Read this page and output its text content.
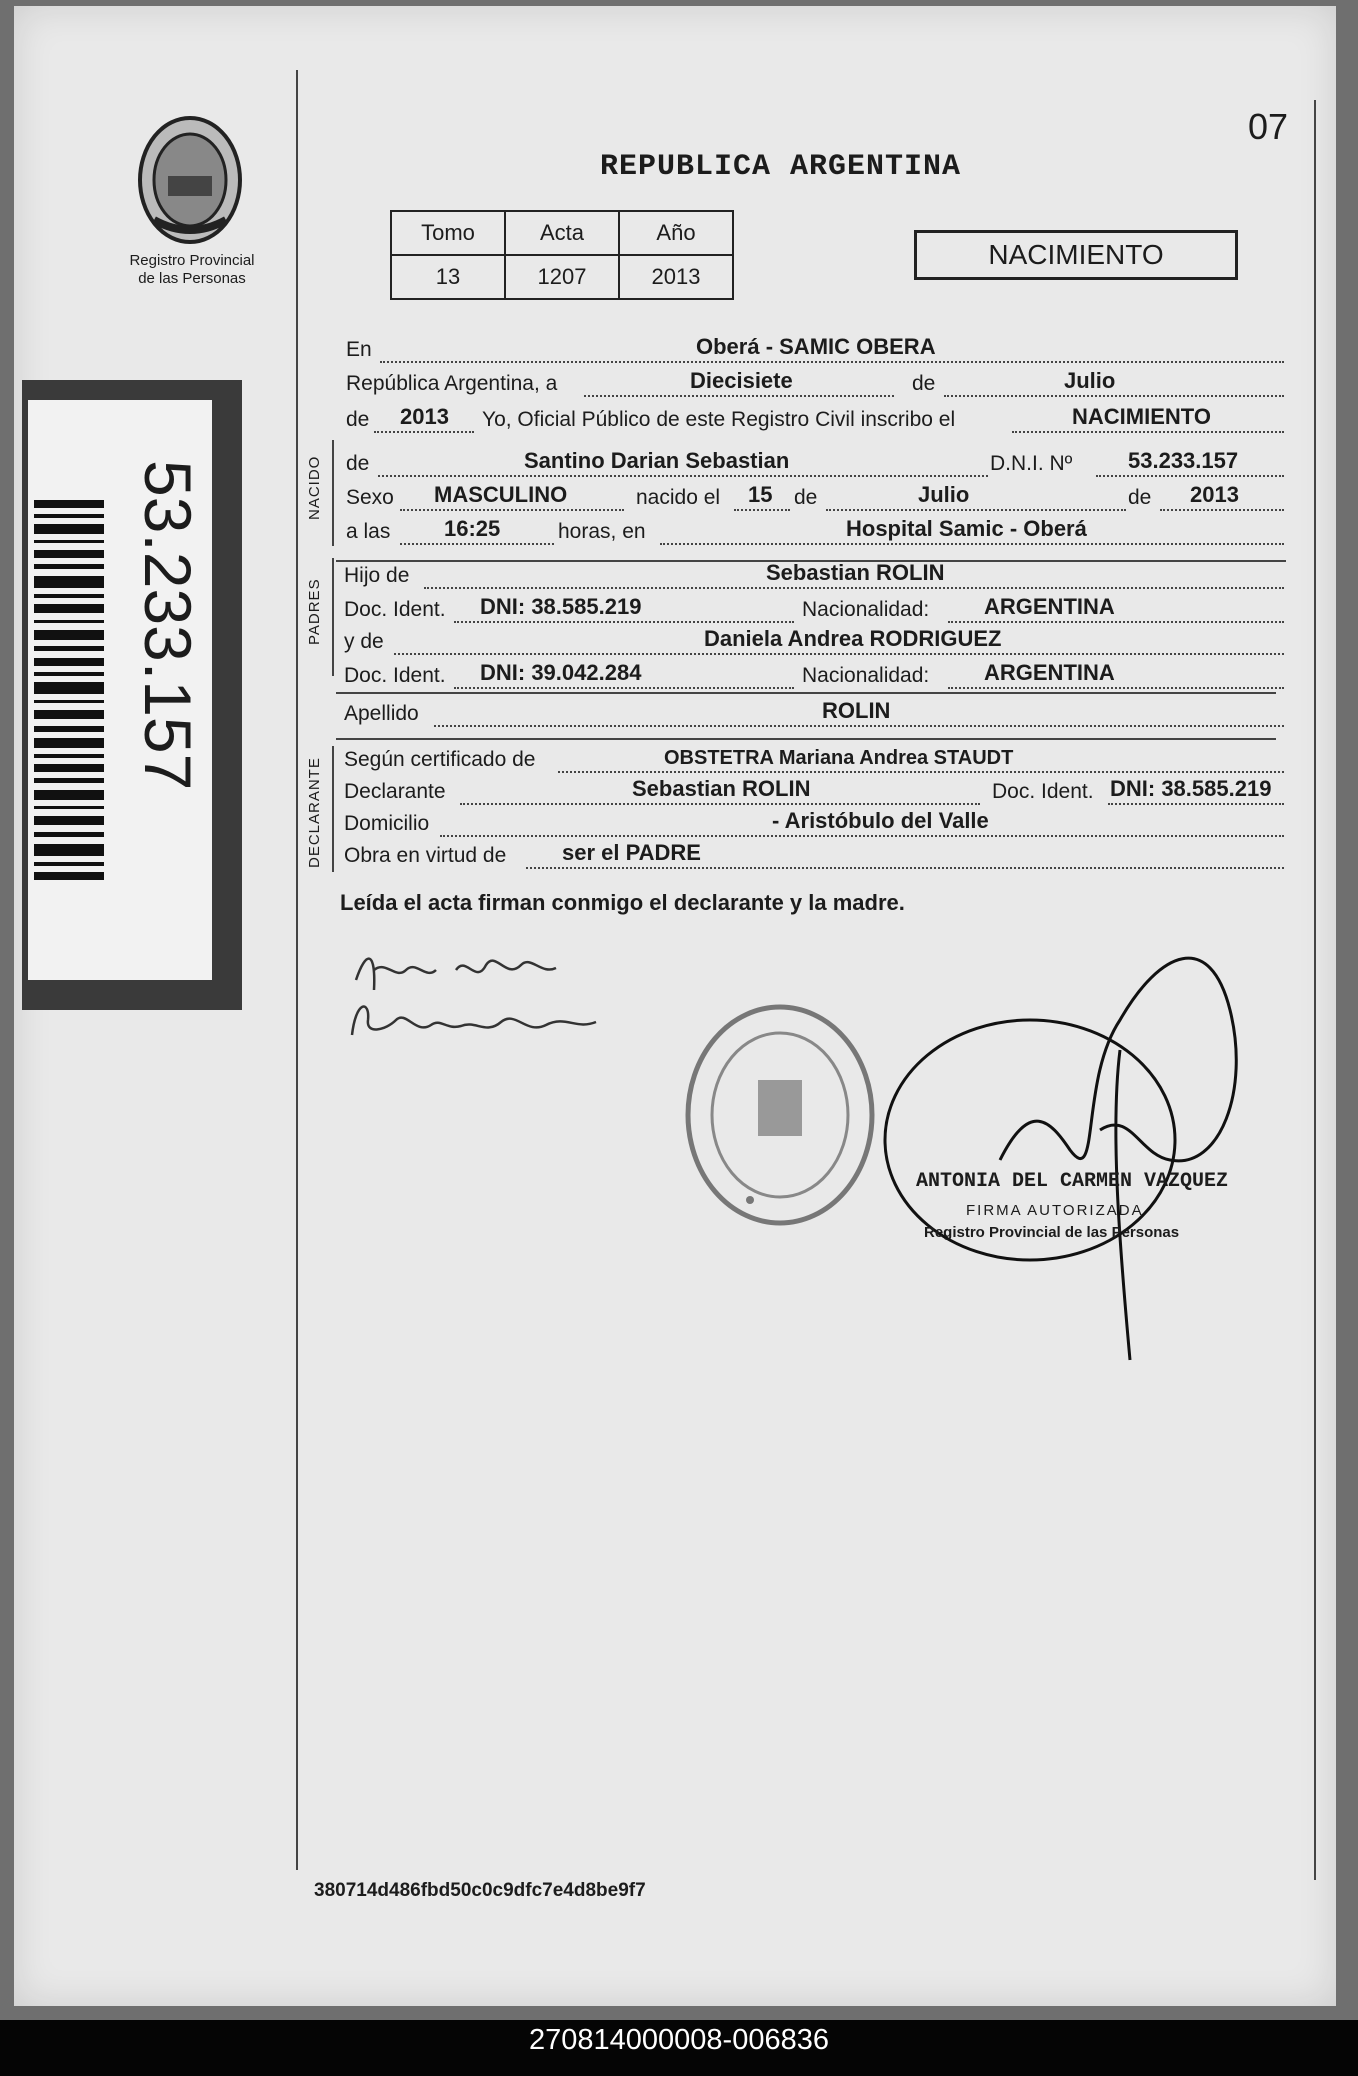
Registro Provincial
de las Personas
REPUBLICA ARGENTINA
07
Tomo	Acta	Año
13	1207	2013
NACIMIENTO
53.233.157	NACIDO
PADRES
DECLARANTE
En	Oberá - SAMIC OBERA
República Argentina, a	Diecisiete	de	Julio
de 2013 Yo, Oficial Público de este Registro Civil inscribo el	NACIMIENTO
de	Santino Darian Sebastian	D.N.I. Nº	53.233.157
Sexo MASCULINO	nacido el 15 de	Julio	de 2013
a las 16:25	horas, en	Hospital Samic - Oberá
Hijo de	Sebastian ROLIN
Doc. Ident. DNI: 38.585.219	Nacionalidad: ARGENTINA
y de	Daniela Andrea RODRIGUEZ
Doc. Ident. DNI: 39.042.284	Nacionalidad: ARGENTINA
Apellido	ROLIN
Según certificado de	OBSTETRA Mariana Andrea STAUDT
Declarante	Sebastian ROLIN	Doc. Ident. DNI: 38.585.219
Domicilio	- Aristóbulo del Valle
Obra en virtud de	ser el PADRE
Leída el acta firman conmigo el declarante y la madre.
ANTONIA DEL CARMEN VAZQUEZ
FIRMA AUTORIZADA
Registro Provincial de las Personas
380714d486fbd50c0c9dfc7e4d8be9f7
270814000008-006836
